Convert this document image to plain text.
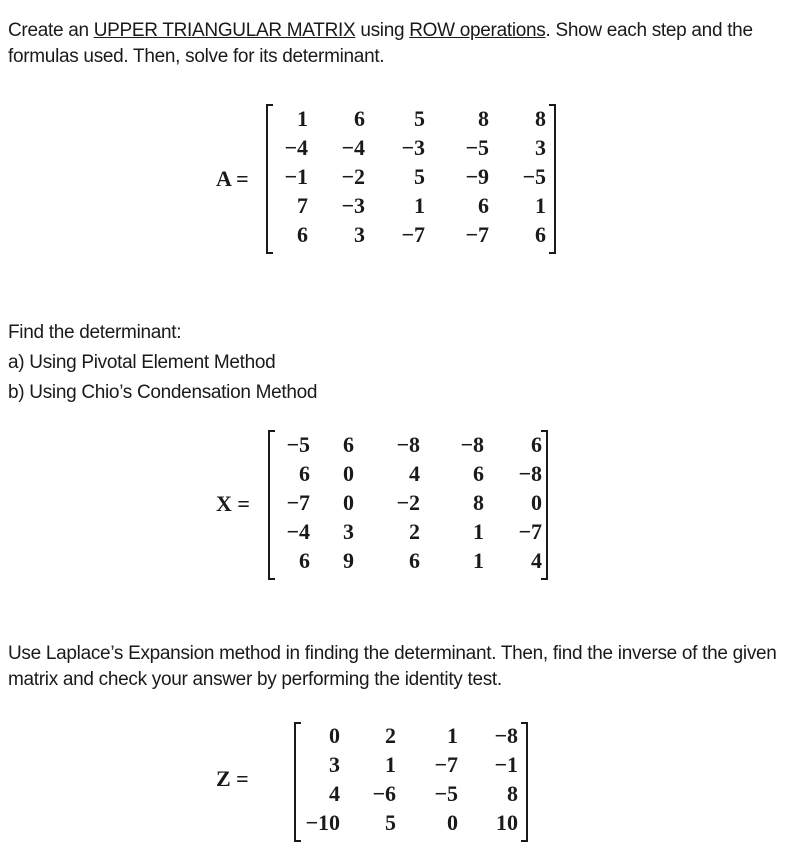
Create an UPPER TRIANGULAR MATRIX using ROW operations. Show each step and the
formulas used. Then, solve for its determinant.
A =
1	6	5	8	8
−4	−4	−3	−5	3
−1	−2	5	−9	−5
7	−3	1	6	1
6	3	−7	−7	6
Find the determinant:
a) Using Pivotal Element Method
b) Using Chio’s Condensation Method
X =
−5	6	−8	−8	6
6	0	4	6	−8
−7	0	−2	8	0
−4	3	2	1	−7
6	9	6	1	4
Use Laplace’s Expansion method in finding the determinant. Then, find the inverse of the given
matrix and check your answer by performing the identity test.
Z =
0	2	1	−8
3	1	−7	−1
4	−6	−5	8
−10	5	0	10
